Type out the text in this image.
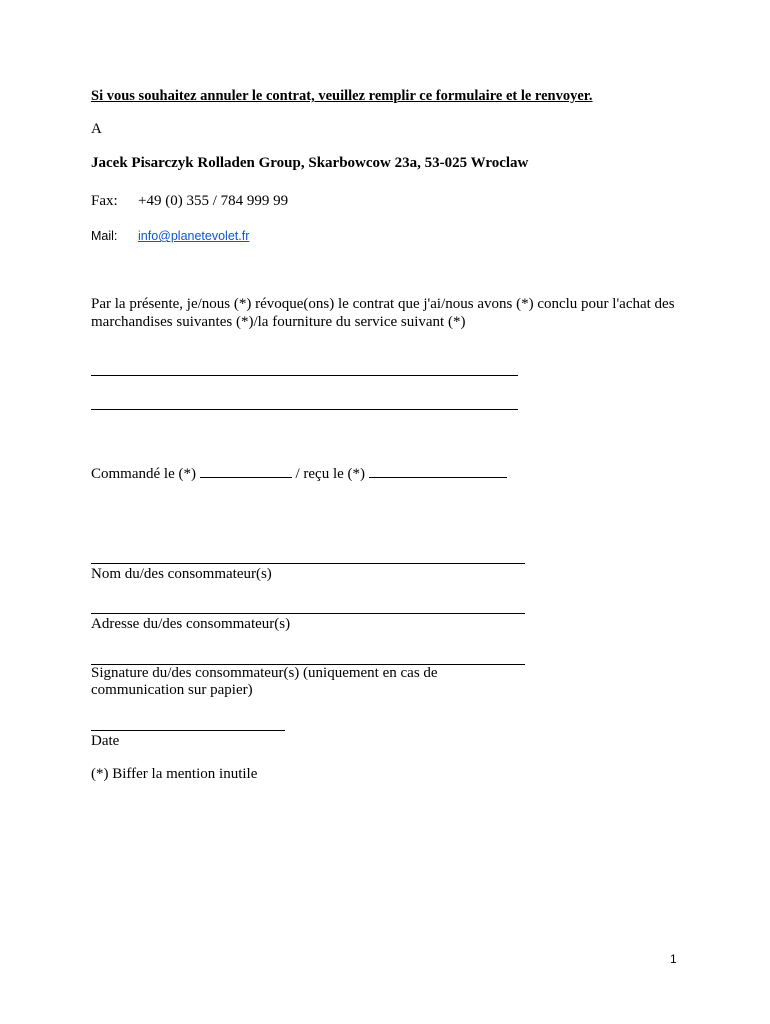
Si vous souhaitez annuler le contrat, veuillez remplir ce formulaire et le renvoyer.
A
Jacek Pisarczyk Rolladen Group, Skarbowcow 23a, 53-025 Wroclaw
Fax: +49 (0) 355 / 784 999 99
Mail: info@planetevolet.fr
Par la présente, je/nous (*) révoque(ons) le contrat que j'ai/nous avons (*) conclu pour l'achat des marchandises suivantes (*)/la fourniture du service suivant (*)
Commandé le (*)	/ reçu le (*)
Nom du/des consommateur(s)
Adresse du/des consommateur(s)
Signature du/des consommateur(s) (uniquement en cas de communication sur papier)
Date
(*) Biffer la mention inutile
1
